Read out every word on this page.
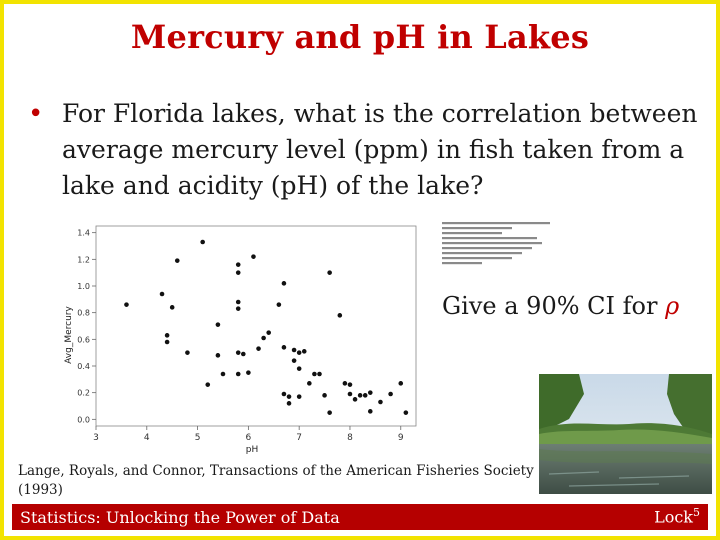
Mercury and pH in Lakes
• For Florida lakes, what is the correlation between average mercury level (ppm) in fish taken from a lake and acidity (pH) of the lake?
Avg_Mercury
pH
3	4	5	6	7	8	9
0.0
0.2
0.4
0.6
0.8
1.0
1.2
1.4
Give a 90% CI for ρ
Lange, Royals, and Connor, Transactions of the American Fisheries Society (1993)
Statistics: Unlocking the Power of Data	Lock$^5$
